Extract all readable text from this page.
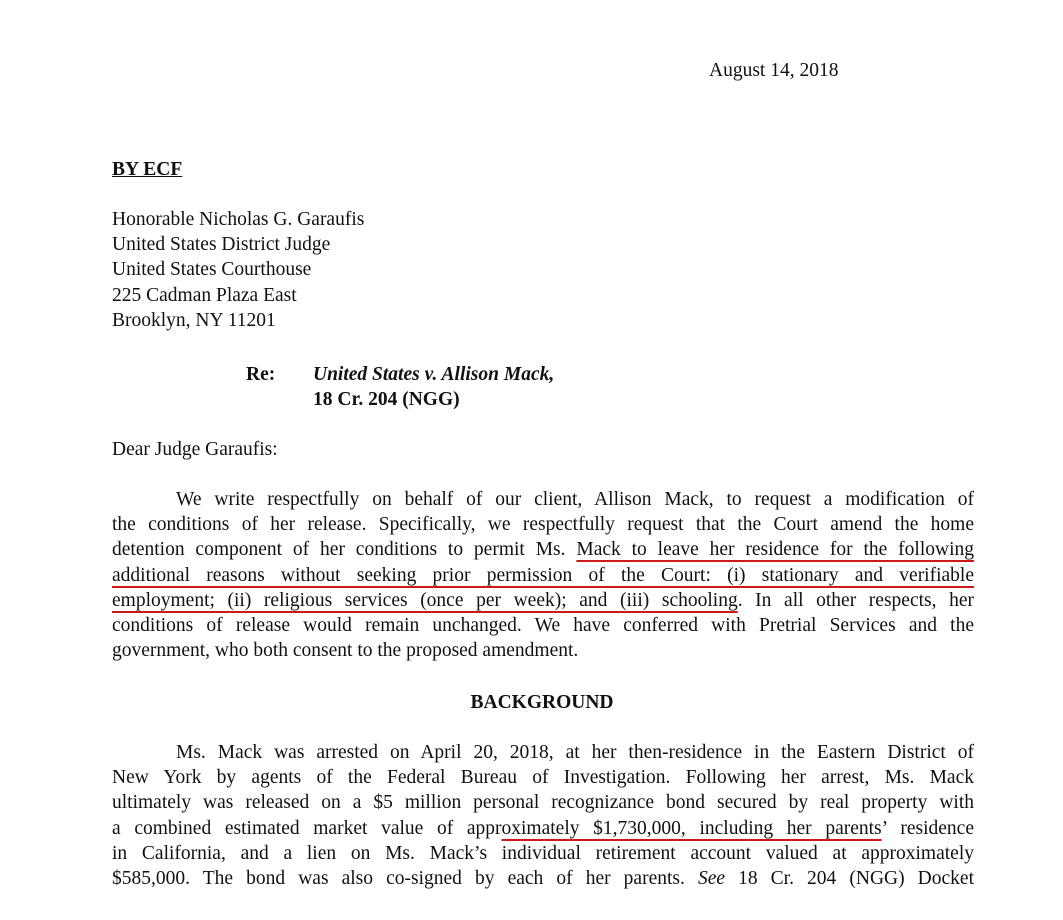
August 14, 2018
BY ECF
Honorable Nicholas G. Garaufis
United States District Judge
United States Courthouse
225 Cadman Plaza East
Brooklyn, NY 11201
Re: United States v. Allison Mack,
18 Cr. 204 (NGG)
Dear Judge Garaufis:
We write respectfully on behalf of our client, Allison Mack, to request a modification of
the conditions of her release. Specifically, we respectfully request that the Court amend the home
detention component of her conditions to permit Ms. Mack to leave her residence for the following
additional reasons without seeking prior permission of the Court: (i) stationary and verifiable
employment; (ii) religious services (once per week); and (iii) schooling. In all other respects, her
conditions of release would remain unchanged. We have conferred with Pretrial Services and the
government, who both consent to the proposed amendment.
BACKGROUND
Ms. Mack was arrested on April 20, 2018, at her then-residence in the Eastern District of
New York by agents of the Federal Bureau of Investigation. Following her arrest, Ms. Mack
ultimately was released on a $5 million personal recognizance bond secured by real property with
a combined estimated market value of approximately $1,730,000, including her parents’ residence
in California, and a lien on Ms. Mack’s individual retirement account valued at approximately
$585,000. The bond was also co-signed by each of her parents. See 18 Cr. 204 (NGG) Docket
